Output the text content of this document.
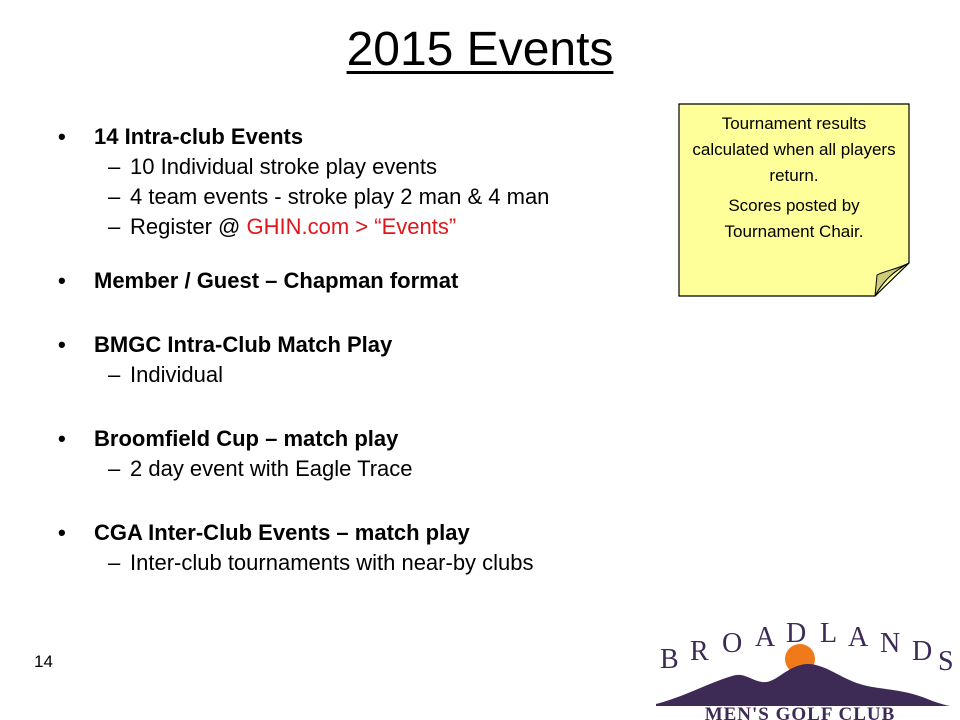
2015 Events

• 14 Intra-club Events

– 10 Individual stroke play events

– 4 team events - stroke play 2 man & 4 man

– Register @ GHIN.com > “Events”

• Member / Guest – Chapman format

• BMGC Intra-Club Match Play

– Individual

• Broomfield Cup – match play

– 2 day event with Eagle Trace

• CGA Inter-Club Events – match play

– Inter-club tournaments with near-by clubs

Tournament results calculated when all players return.

Scores posted by Tournament Chair.

14	B R O A D L A N D S
MEN'S GOLF CLUB
